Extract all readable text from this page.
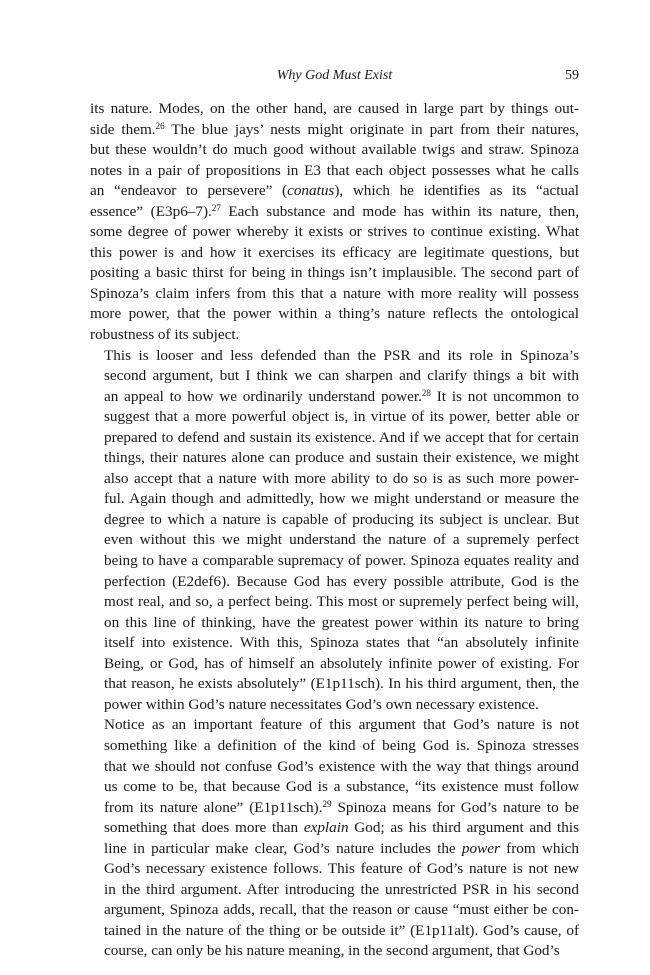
Why God Must Exist	59

its nature. Modes, on the other hand, are caused in large part by things out-
side them.$^{26}$ The blue jays’ nests might originate in part from their natures,
but these wouldn’t do much good without available twigs and straw. Spinoza
notes in a pair of propositions in E3 that each object possesses what he calls
an “endeavor to persevere” (conatus), which he identifies as its “actual
essence” (E3p6–7).$^{27}$ Each substance and mode has within its nature, then,
some degree of power whereby it exists or strives to continue existing. What
this power is and how it exercises its efficacy are legitimate questions, but
positing a basic thirst for being in things isn’t implausible. The second part of
Spinoza’s claim infers from this that a nature with more reality will possess
more power, that the power within a thing’s nature reflects the ontological
robustness of its subject.

This is looser and less defended than the PSR and its role in Spinoza’s
second argument, but I think we can sharpen and clarify things a bit with
an appeal to how we ordinarily understand power.$^{28}$ It is not uncommon to
suggest that a more powerful object is, in virtue of its power, better able or
prepared to defend and sustain its existence. And if we accept that for certain
things, their natures alone can produce and sustain their existence, we might
also accept that a nature with more ability to do so is as such more power-
ful. Again though and admittedly, how we might understand or measure the
degree to which a nature is capable of producing its subject is unclear. But
even without this we might understand the nature of a supremely perfect
being to have a comparable supremacy of power. Spinoza equates reality and
perfection (E2def6). Because God has every possible attribute, God is the
most real, and so, a perfect being. This most or supremely perfect being will,
on this line of thinking, have the greatest power within its nature to bring
itself into existence. With this, Spinoza states that “an absolutely infinite
Being, or God, has of himself an absolutely infinite power of existing. For
that reason, he exists absolutely” (E1p11sch). In his third argument, then, the
power within God’s nature necessitates God’s own necessary existence.

Notice as an important feature of this argument that God’s nature is not
something like a definition of the kind of being God is. Spinoza stresses
that we should not confuse God’s existence with the way that things around
us come to be, that because God is a substance, “its existence must follow
from its nature alone” (E1p11sch).$^{29}$ Spinoza means for God’s nature to be
something that does more than explain God; as his third argument and this
line in particular make clear, God’s nature includes the power from which
God’s necessary existence follows. This feature of God’s nature is not new
in the third argument. After introducing the unrestricted PSR in his second
argument, Spinoza adds, recall, that the reason or cause “must either be con-
tained in the nature of the thing or be outside it” (E1p11alt). God’s cause, of
course, can only be his nature meaning, in the second argument, that God’s
